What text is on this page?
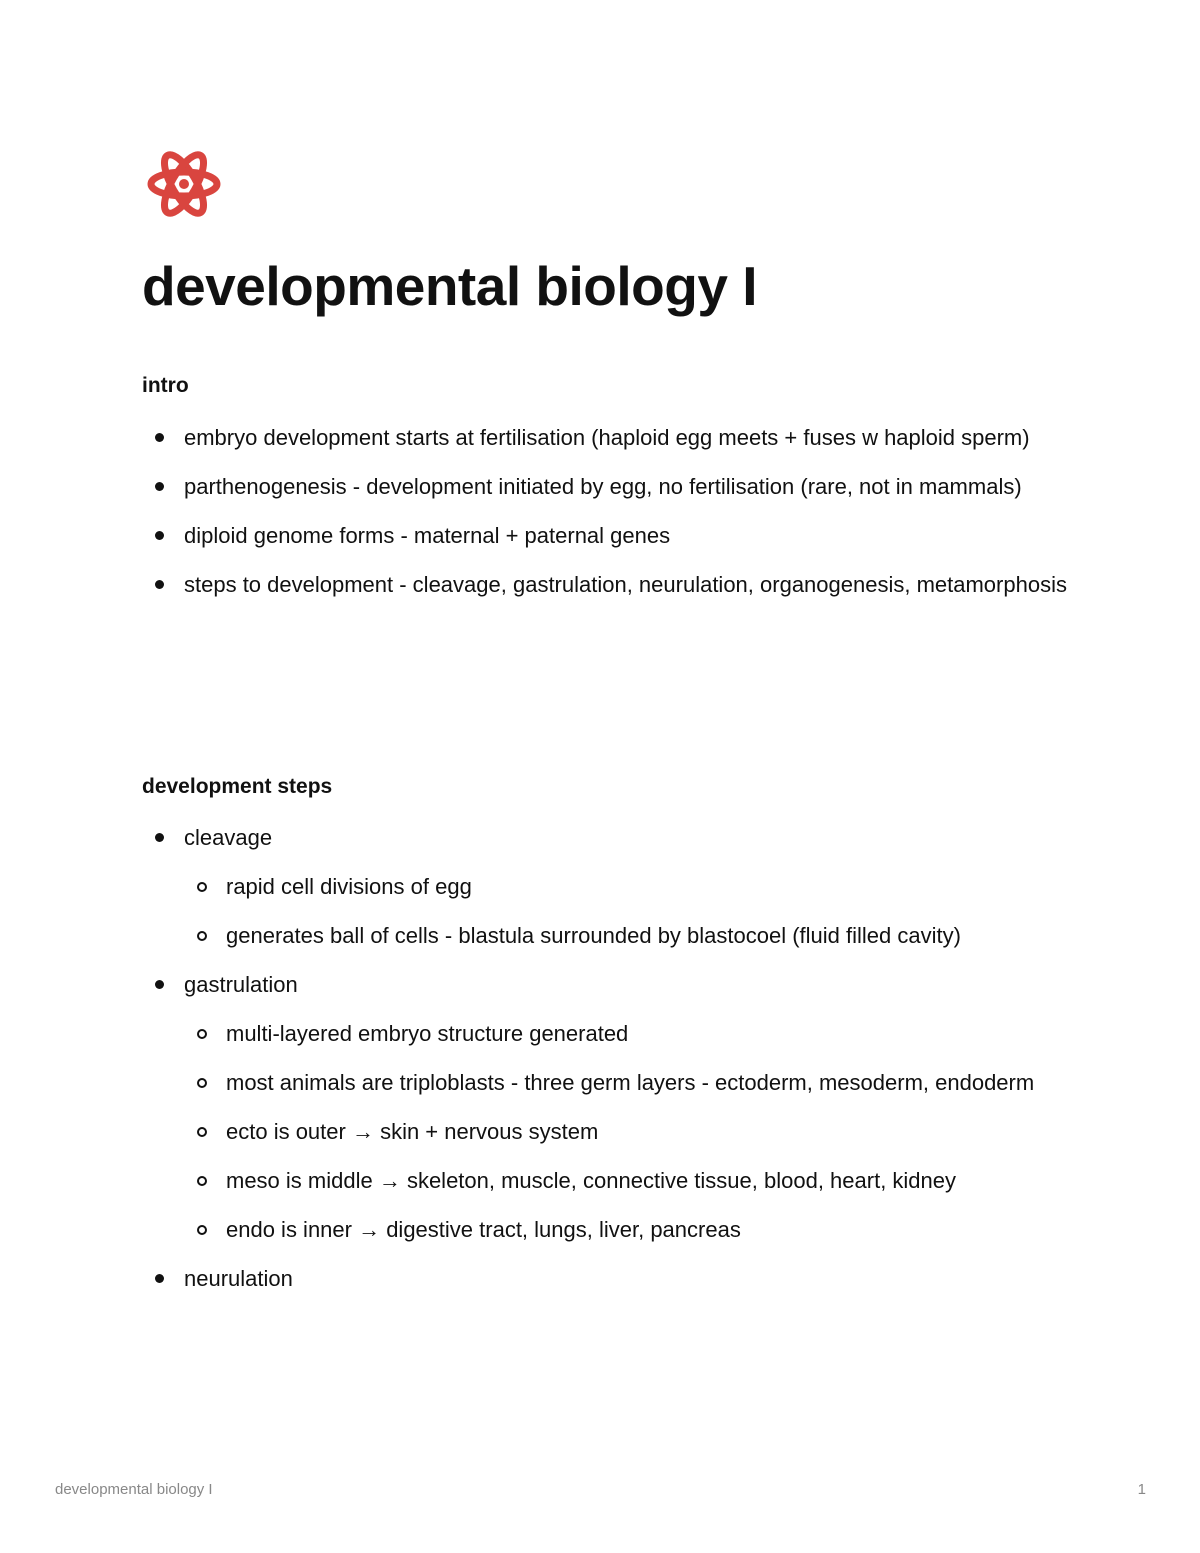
developmental biology I
intro
embryo development starts at fertilisation (haploid egg meets + fuses w haploid sperm)
parthenogenesis - development initiated by egg, no fertilisation (rare, not in mammals)
diploid genome forms - maternal + paternal genes
steps to development - cleavage, gastrulation, neurulation, organogenesis, metamorphosis
development steps
cleavage
rapid cell divisions of egg
generates ball of cells - blastula surrounded by blastocoel (fluid filled cavity)
gastrulation
multi-layered embryo structure generated
most animals are triploblasts - three germ layers - ectoderm, mesoderm, endoderm
ecto is outer → skin + nervous system
meso is middle → skeleton, muscle, connective tissue, blood, heart, kidney
endo is inner → digestive tract, lungs, liver, pancreas
neurulation
developmental biology I	1
